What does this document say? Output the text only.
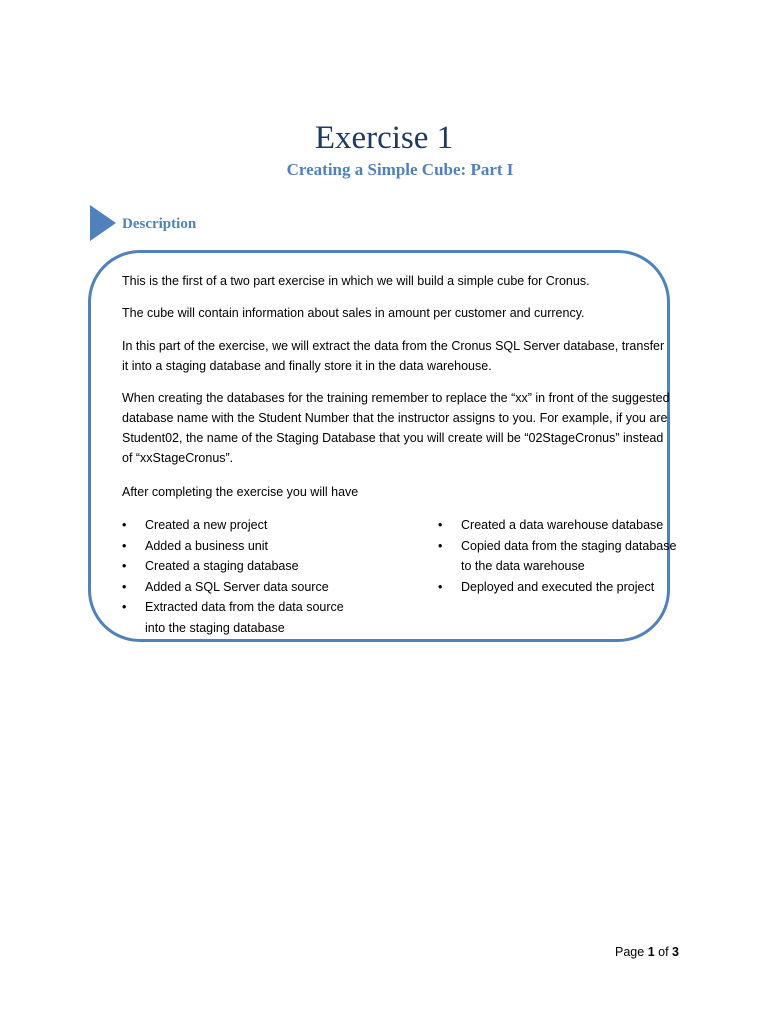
Exercise 1
Creating a Simple Cube: Part I
Description
This is the first of a two part exercise in which we will build a simple cube for Cronus.
The cube will contain information about sales in amount per customer and currency.
In this part of the exercise, we will extract the data from the Cronus SQL Server database, transfer it into a staging database and finally store it in the data warehouse.
When creating the databases for the training remember to replace the “xx” in front of the suggested database name with the Student Number that the instructor assigns to you. For example, if you are Student02, the name of the Staging Database that you will create will be “02StageCronus” instead of “xxStageCronus”.
After completing the exercise you will have
•	Created a new project
•	Added a business unit
•	Created a staging database
•	Added a SQL Server data source
•	Extracted data from the data source into the staging database
•	Created a data warehouse database
•	Copied data from the staging database to the data warehouse
•	Deployed and executed the project
Page 1 of 3
